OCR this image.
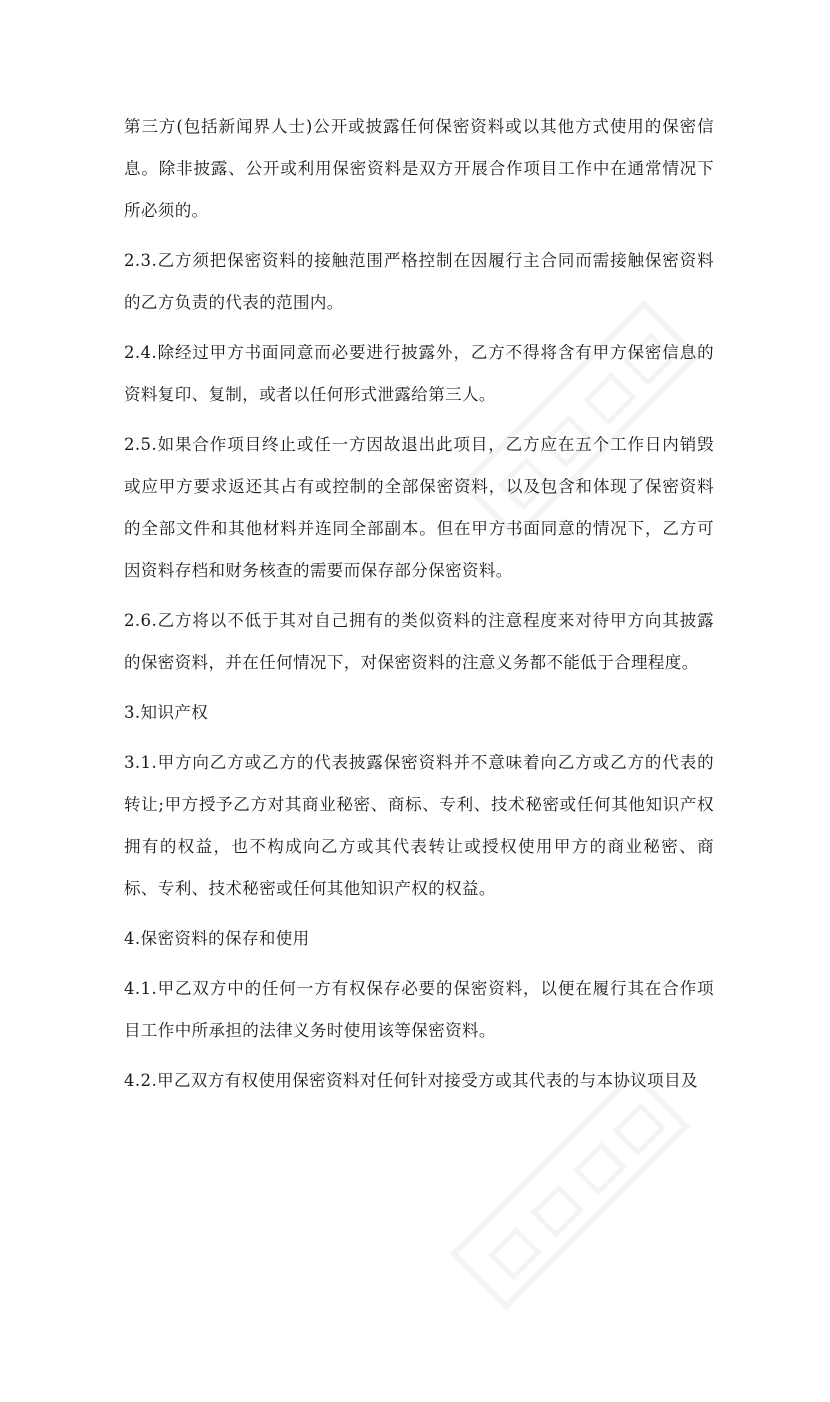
第三方(包括新闻界人士)公开或披露任何保密资料或以其他方式使用的保密信息。除非披露、公开或利用保密资料是双方开展合作项目工作中在通常情况下所必须的。

2.3.乙方须把保密资料的接触范围严格控制在因履行主合同而需接触保密资料的乙方负责的代表的范围内。

2.4.除经过甲方书面同意而必要进行披露外，乙方不得将含有甲方保密信息的资料复印、复制，或者以任何形式泄露给第三人。

2.5.如果合作项目终止或任一方因故退出此项目，乙方应在五个工作日内销毁或应甲方要求返还其占有或控制的全部保密资料，以及包含和体现了保密资料的全部文件和其他材料并连同全部副本。但在甲方书面同意的情况下，乙方可因资料存档和财务核查的需要而保存部分保密资料。

2.6.乙方将以不低于其对自己拥有的类似资料的注意程度来对待甲方向其披露的保密资料，并在任何情况下，对保密资料的注意义务都不能低于合理程度。

3.知识产权

3.1.甲方向乙方或乙方的代表披露保密资料并不意味着向乙方或乙方的代表的转让;甲方授予乙方对其商业秘密、商标、专利、技术秘密或任何其他知识产权拥有的权益，也不构成向乙方或其代表转让或授权使用甲方的商业秘密、商标、专利、技术秘密或任何其他知识产权的权益。

4.保密资料的保存和使用

4.1.甲乙双方中的任何一方有权保存必要的保密资料，以便在履行其在合作项目工作中所承担的法律义务时使用该等保密资料。

4.2.甲乙双方有权使用保密资料对任何针对接受方或其代表的与本协议项目及
